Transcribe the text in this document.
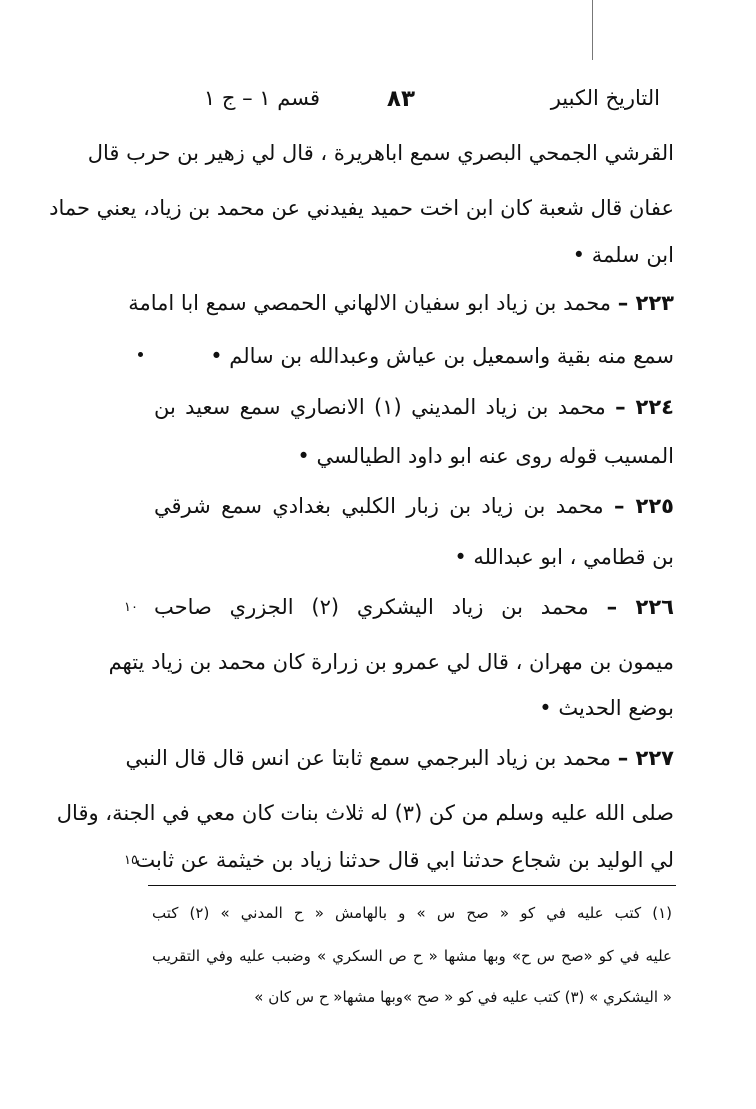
التاريخ الكبير
٨٣
قسم ١ – ج ١
القرشي الجمحي البصري سمع اباهريرة ، قال لي زهير بن حرب قال
عفان قال شعبة كان ابن اخت حميد يفيدني عن محمد بن زياد، يعني حماد
ابن سلمة •
٢٢٣ – محمد بن زياد ابو سفيان الالهاني الحمصي سمع ابا امامة
سمع منه بقية واسمعيل بن عياش وعبدالله بن سالم •
٢٢٤ – محمد بن زياد المديني (١) الانصاري سمع سعيد بن
المسيب قوله روى عنه ابو داود الطيالسي •
٢٢٥ – محمد بن زياد بن زبار الكلبي بغدادي سمع شرقي
بن قطامي ، ابو عبدالله •
٢٢٦ – محمد بن زياد اليشكري (٢) الجزري صاحب
ميمون بن مهران ، قال لي عمرو بن زرارة كان محمد بن زياد يتهم
بوضع الحديث •
٢٢٧ – محمد بن زياد البرجمي سمع ثابتا عن انس قال قال النبي
صلى الله عليه وسلم من كن (٣) له ثلاث بنات كان معي في الجنة، وقال
لي الوليد بن شجاع حدثنا ابي قال حدثنا زياد بن خيثمة عن ثابت
١٠
١٥
(١) كتب عليه في كو « صح س » و بالهامش « ح المدني » (٢) كتب
عليه في كو «صح س ح» وبها مشها « ح ص السكري » وضبب عليه وفي التقريب
« اليشكري » (٣) كتب عليه في كو « صح »وبها مشها« ح س كان »
